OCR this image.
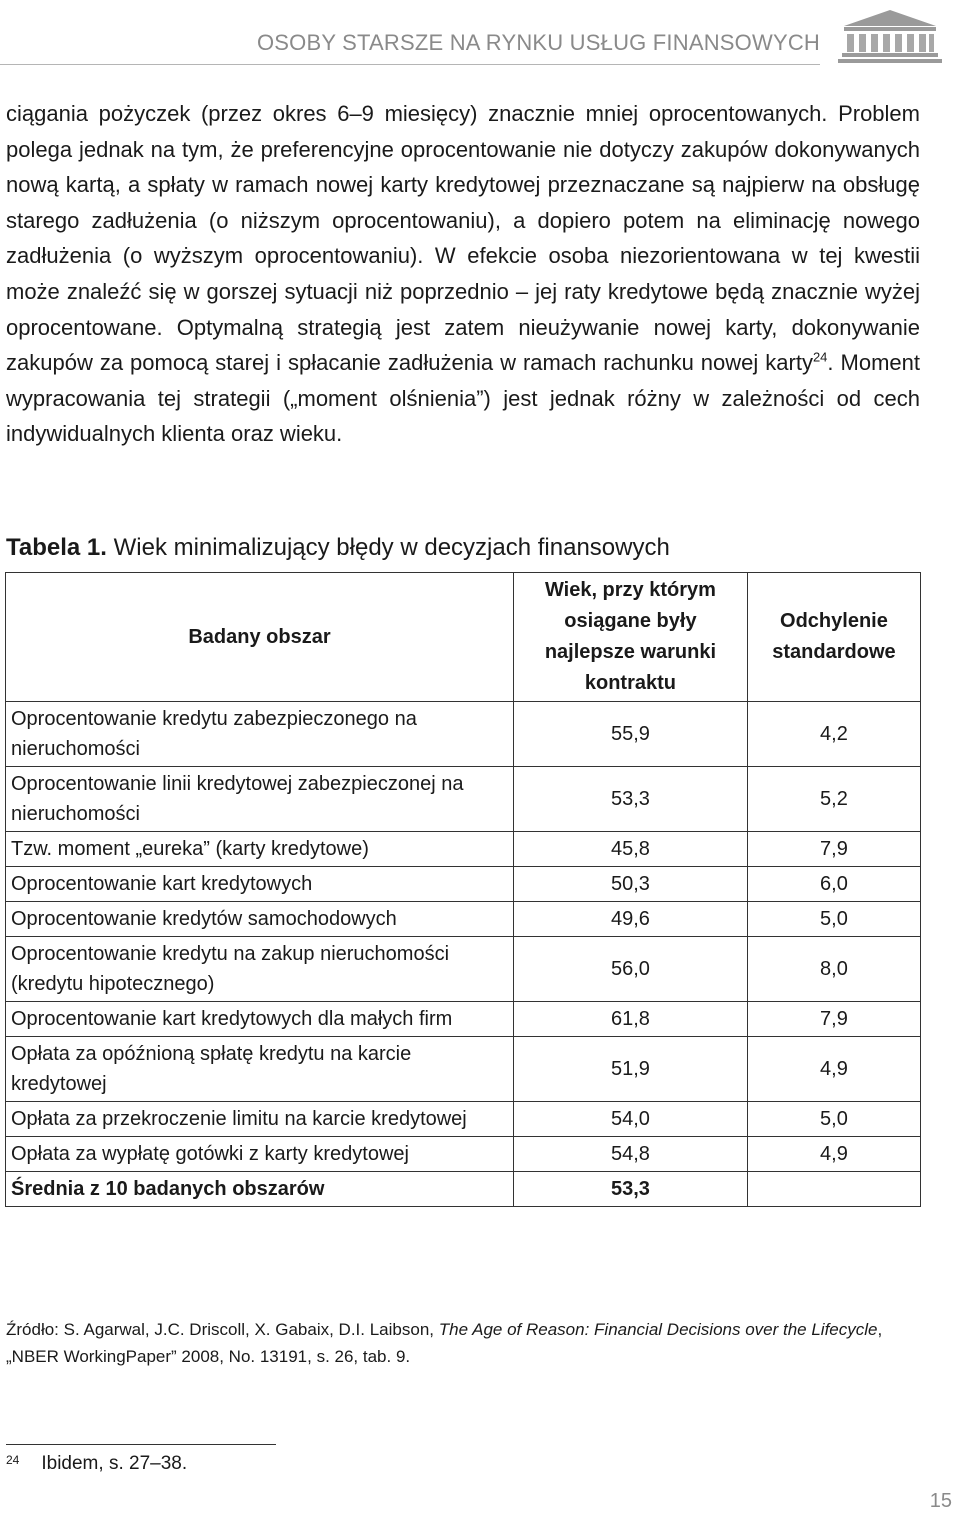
OSOBY STARSZE NA RYNKU USŁUG FINANSOWYCH

ciągania pożyczek (przez okres 6–9 miesięcy) znacznie mniej oprocentowanych. Problem polega jednak na tym, że preferencyjne oprocentowanie nie dotyczy zakupów dokonywanych nową kartą, a spłaty w ramach nowej karty kredytowej przeznaczane są najpierw na obsługę starego zadłużenia (o niższym oprocentowaniu), a dopiero potem na eliminację nowego zadłużenia (o wyższym oprocentowaniu). W efekcie osoba niezorientowana w tej kwestii może znaleźć się w gorszej sytuacji niż poprzednio – jej raty kredytowe będą znacznie wyżej oprocentowane. Optymalną strategią jest zatem nieużywanie nowej karty, dokonywanie zakupów za pomocą starej i spłacanie zadłużenia w ramach rachunku nowej karty$^{24}$. Moment wypracowania tej strategii („moment olśnienia”) jest jednak różny w zależności od cech indywidualnych klienta oraz wieku.

Tabela 1. Wiek minimalizujący błędy w decyzjach finansowych

Badany obszar	Wiek, przy którym osiągane były najlepsze warunki kontraktu	Odchylenie standardowe
Oprocentowanie kredytu zabezpieczonego na nieruchomości	55,9	4,2
Oprocentowanie linii kredytowej zabezpieczonej na nieruchomości	53,3	5,2
Tzw. moment „eureka” (karty kredytowe)	45,8	7,9
Oprocentowanie kart kredytowych	50,3	6,0
Oprocentowanie kredytów samochodowych	49,6	5,0
Oprocentowanie kredytu na zakup nieruchomości (kredytu hipotecznego)	56,0	8,0
Oprocentowanie kart kredytowych dla małych firm	61,8	7,9
Opłata za opóźnioną spłatę kredytu na karcie kredytowej	51,9	4,9
Opłata za przekroczenie limitu na karcie kredytowej	54,0	5,0
Opłata za wypłatę gotówki z karty kredytowej	54,8	4,9
Średnia z 10 badanych obszarów	53,3	

Źródło: S. Agarwal, J.C. Driscoll, X. Gabaix, D.I. Laibson, The Age of Reason: Financial Decisions over the Lifecycle, „NBER WorkingPaper” 2008, No. 13191, s. 26, tab. 9.

$^{24}$ Ibidem, s. 27–38.
15
